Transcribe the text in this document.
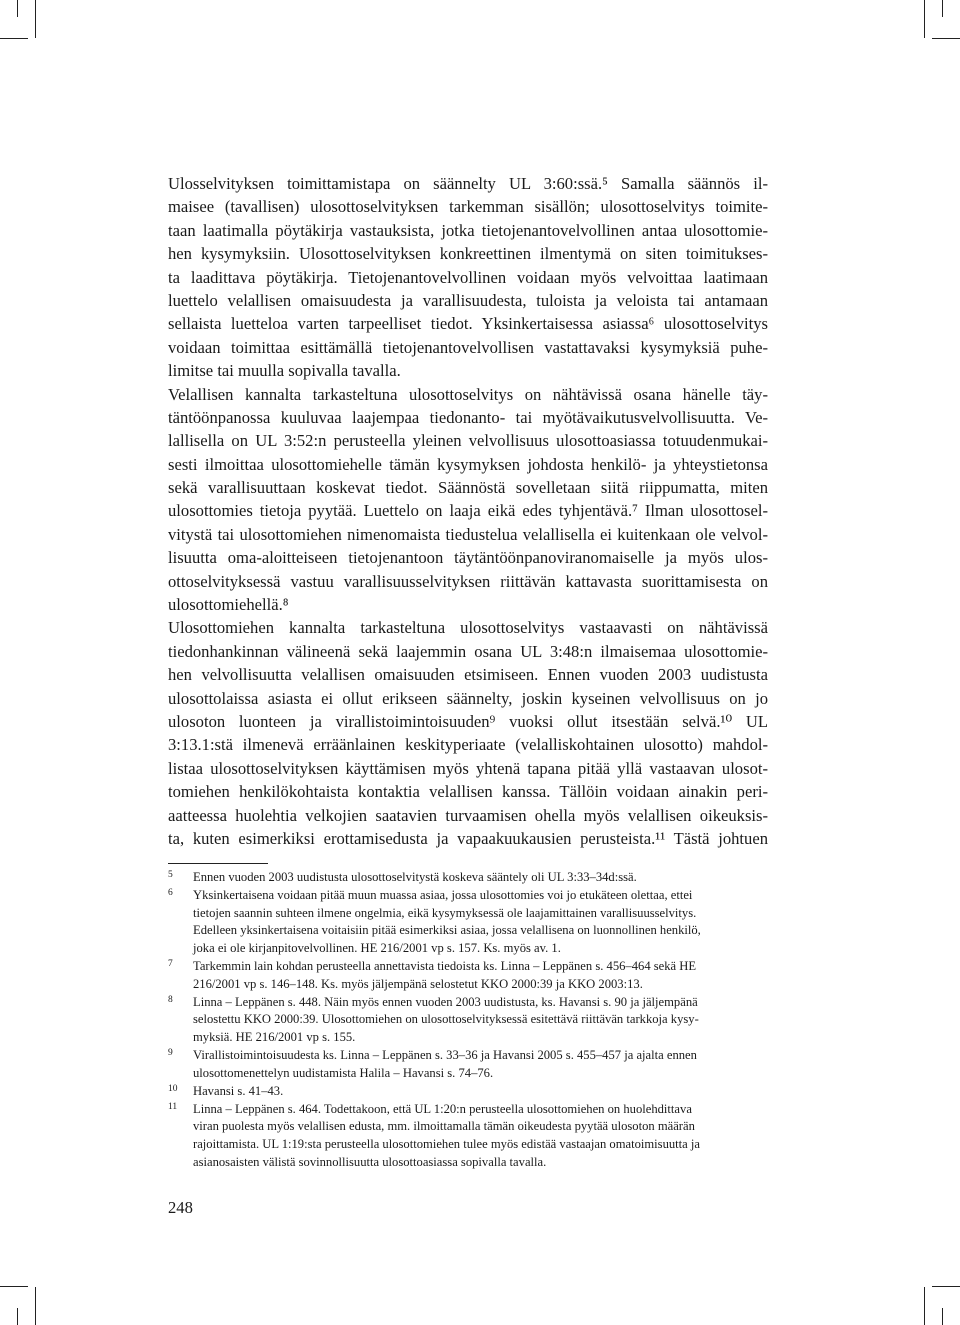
Ulosselvityksen toimittamistapa on säännelty UL 3:60:ssä.⁵ Samalla säännös il-
maisee (tavallisen) ulosottoselvityksen tarkemman sisällön; ulosottoselvitys toimite-
taan laatimalla pöytäkirja vastauksista, jotka tietojenantovelvollinen antaa ulosottomie-
hen kysymyksiin. Ulosottoselvityksen konkreettinen ilmentymä on siten toimitukses-
ta laadittava pöytäkirja. Tietojenantovelvollinen voidaan myös velvoittaa laatimaan
luettelo velallisen omaisuudesta ja varallisuudesta, tuloista ja veloista tai antamaan
sellaista luetteloa varten tarpeelliset tiedot. Yksinkertaisessa asiassa⁶ ulosottoselvitys
voidaan toimittaa esittämällä tietojenantovelvollisen vastattavaksi kysymyksiä puhe-
limitse tai muulla sopivalla tavalla.
Velallisen kannalta tarkasteltuna ulosottoselvitys on nähtävissä osana hänelle täy-
täntöönpanossa kuuluvaa laajempaa tiedonanto- tai myötävaikutusvelvollisuutta. Ve-
lallisella on UL 3:52:n perusteella yleinen velvollisuus ulosottoasiassa totuudenmukai-
sesti ilmoittaa ulosottomiehelle tämän kysymyksen johdosta henkilö- ja yhteystietonsa
sekä varallisuuttaan koskevat tiedot. Säännöstä sovelletaan siitä riippumatta, miten
ulosottomies tietoja pyytää. Luettelo on laaja eikä edes tyhjentävä.⁷ Ilman ulosottosel-
vitystä tai ulosottomiehen nimenomaista tiedustelua velallisella ei kuitenkaan ole velvol-
lisuutta oma-aloitteiseen tietojenantoon täytäntöönpanoviranomaiselle ja myös ulos-
ottoselvityksessä vastuu varallisuusselvityksen riittävän kattavasta suorittamisesta on
ulosottomiehellä.⁸
Ulosottomiehen kannalta tarkasteltuna ulosottoselvitys vastaavasti on nähtävissä
tiedonhankinnan välineenä sekä laajemmin osana UL 3:48:n ilmaisemaa ulosottomie-
hen velvollisuutta velallisen omaisuuden etsimiseen. Ennen vuoden 2003 uudistusta
ulosottolaissa asiasta ei ollut erikseen säännelty, joskin kyseinen velvollisuus on jo
ulosoton luonteen ja virallistoimintoisuuden⁹ vuoksi ollut itsestään selvä.¹⁰ UL
3:13.1:stä ilmenevä erräänlainen keskityperiaate (velalliskohtainen ulosotto) mahdol-
listaa ulosottoselvityksen käyttämisen myös yhtenä tapana pitää yllä vastaavan ulosot-
tomiehen henkilökohtaista kontaktia velallisen kanssa. Tällöin voidaan ainakin peri-
aatteessa huolehtia velkojien saatavien turvaamisen ohella myös velallisen oikeuksis-
ta, kuten esimerkiksi erottamisedusta ja vapaakuukausien perusteista.¹¹ Tästä johtuen
5 Ennen vuoden 2003 uudistusta ulosottoselvitystä koskeva sääntely oli UL 3:33–34d:ssä.
6 Yksinkertaisena voidaan pitää muun muassa asiaa, jossa ulosottomies voi jo etukäteen olettaa, ettei
tietojen saannin suhteen ilmene ongelmia, eikä kysymyksessä ole laajamittainen varallisuusselvitys.
Edelleen yksinkertaisena voitaisiin pitää esimerkiksi asiaa, jossa velallisena on luonnollinen henkilö,
joka ei ole kirjanpitovelvollinen. HE 216/2001 vp s. 157. Ks. myös av. 1.
7 Tarkemmin lain kohdan perusteella annettavista tiedoista ks. Linna – Leppänen s. 456–464 sekä HE
216/2001 vp s. 146–148. Ks. myös jäljempänä selostetut KKO 2000:39 ja KKO 2003:13.
8 Linna – Leppänen s. 448. Näin myös ennen vuoden 2003 uudistusta, ks. Havansi s. 90 ja jäljempänä
selostettu KKO 2000:39. Ulosottomiehen on ulosottoselvityksessä esitettävä riittävän tarkkoja kysy-
myksiä. HE 216/2001 vp s. 155.
9 Virallistoimintoisuudesta ks. Linna – Leppänen s. 33–36 ja Havansi 2005 s. 455–457 ja ajalta ennen
ulosottomenettelyn uudistamista Halila – Havansi s. 74–76.
10 Havansi s. 41–43.
11 Linna – Leppänen s. 464. Todettakoon, että UL 1:20:n perusteella ulosottomiehen on huolehdittava
viran puolesta myös velallisen edusta, mm. ilmoittamalla tämän oikeudesta pyytää ulosoton määrän
rajoittamista. UL 1:19:sta perusteella ulosottomiehen tulee myös edistää vastaajan omatoimisuutta ja
asianosaisten välistä sovinnollisuutta ulosottoasiassa sopivalla tavalla.
248
